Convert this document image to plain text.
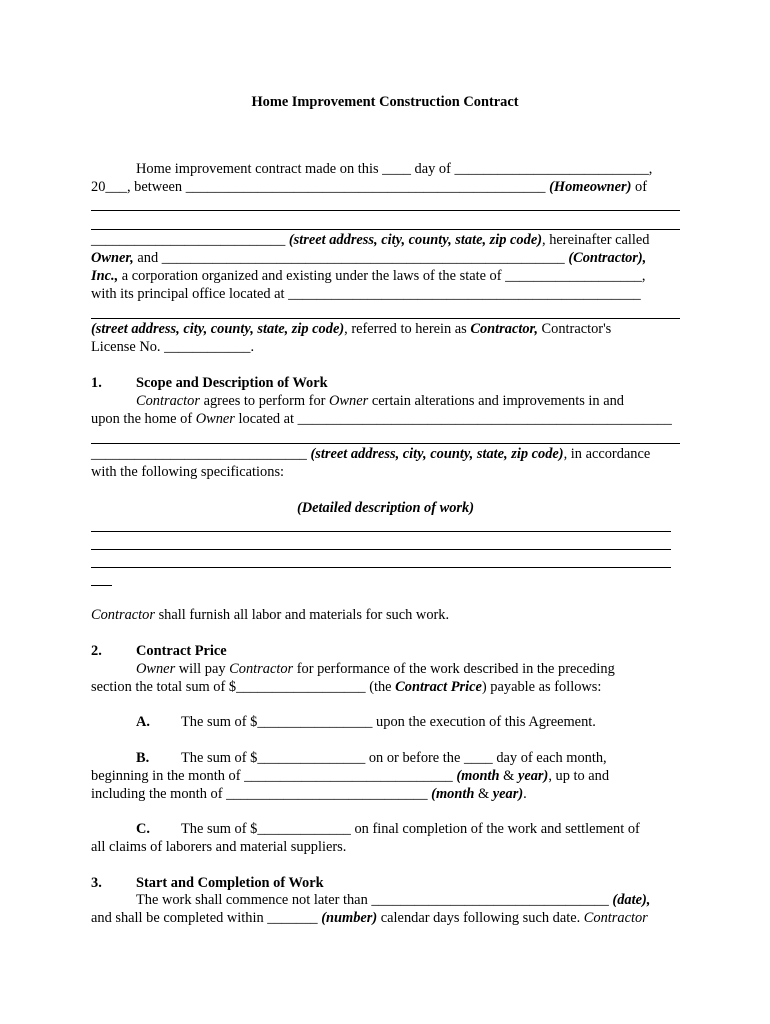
Home Improvement Construction Contract
Home improvement contract made on this ____ day of ___________________________,
20___, between __________________________________________________ (Homeowner) of
___________________________ (street address, city, county, state, zip code), hereinafter called
Owner, and ________________________________________________________ (Contractor),
Inc., a corporation organized and existing under the laws of the state of ___________________,
with its principal office located at _________________________________________________
(street address, city, county, state, zip code), referred to herein as Contractor, Contractor's
License No. ____________.
1. Scope and Description of Work
Contractor agrees to perform for Owner certain alterations and improvements in and
upon the home of Owner located at ____________________________________________________
______________________________ (street address, city, county, state, zip code), in accordance
with the following specifications:
(Detailed description of work)
Contractor shall furnish all labor and materials for such work.
2. Contract Price
Owner will pay Contractor for performance of the work described in the preceding
section the total sum of $__________________ (the Contract Price) payable as follows:
A. The sum of $________________ upon the execution of this Agreement.
B. The sum of $_______________ on or before the ____ day of each month,
beginning in the month of _____________________________ (month & year), up to and
including the month of ____________________________ (month & year).
C. The sum of $_____________ on final completion of the work and settlement of
all claims of laborers and material suppliers.
3. Start and Completion of Work
The work shall commence not later than _________________________________ (date),
and shall be completed within _______ (number) calendar days following such date. Contractor
